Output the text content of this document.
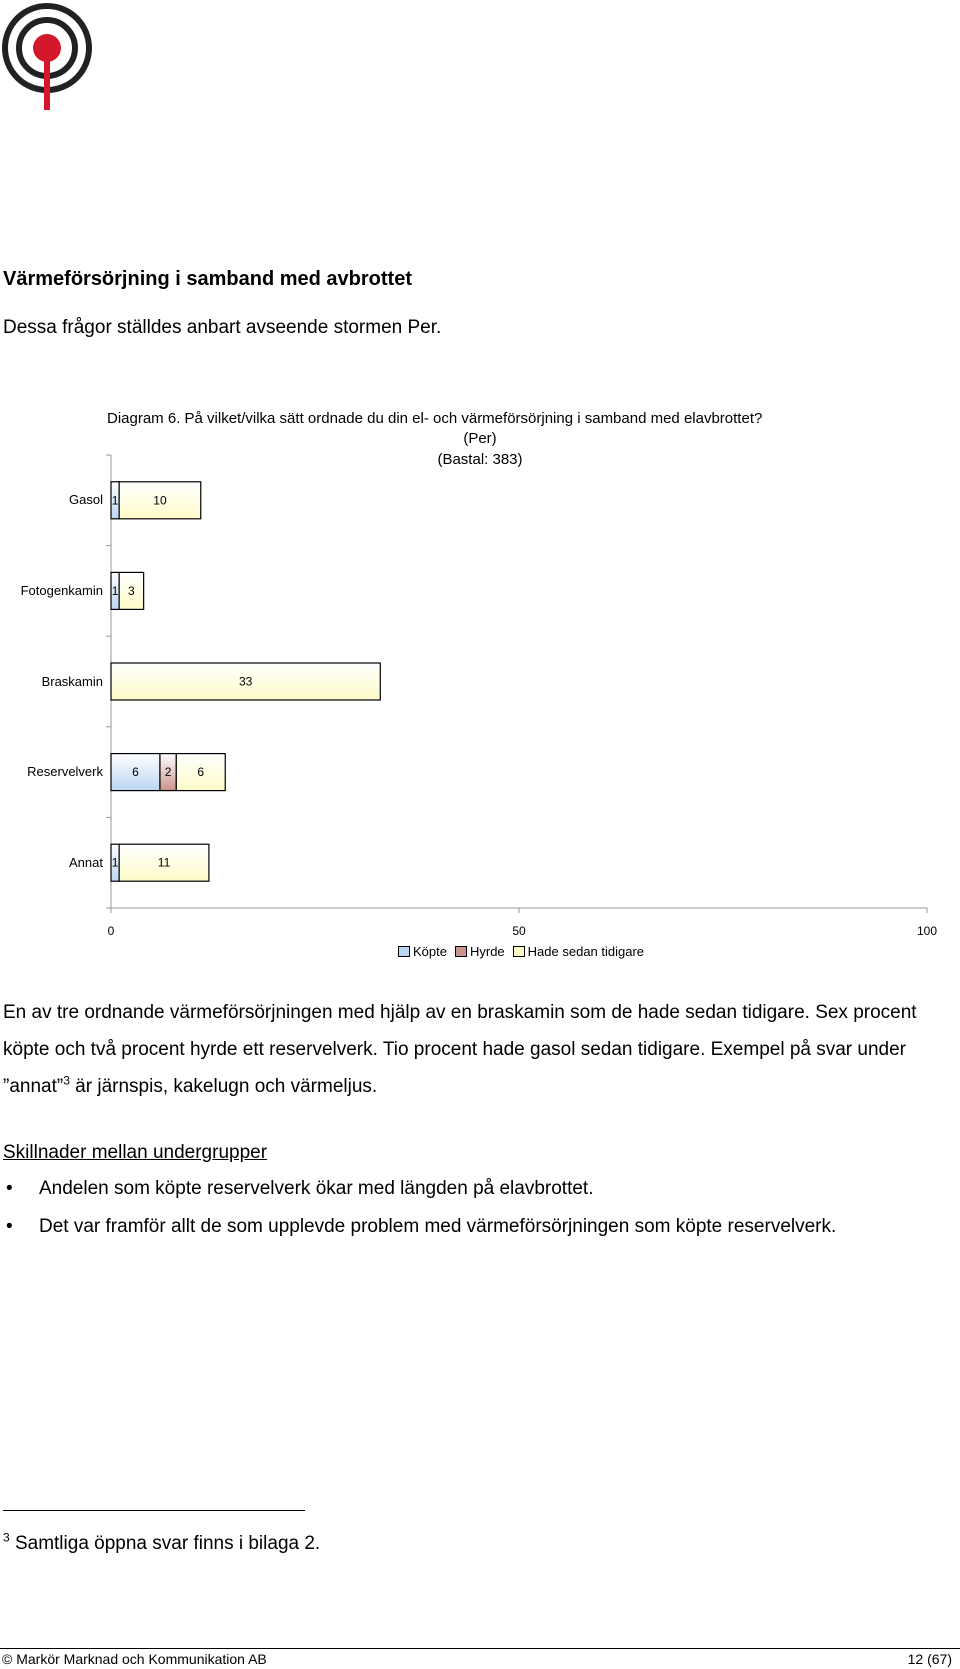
Värmeförsörjning i samband med avbrottet
Dessa frågor ställdes anbart avseende stormen Per.
Diagram 6. På vilket/vilka sätt ordnade du din el- och värmeförsörjning i samband med elavbrottet?
(Per)
(Bastal: 383)
1	10
1 3
33
6 2 6
1	11
Gasol
Fotogenkamin
Braskamin
Reservelverk
Annat
0	50	100
Köpte Hyrde Hade sedan tidigare
En av tre ordnande värmeförsörjningen med hjälp av en braskamin som de hade sedan tidigare. Sex procent köpte och två procent hyrde ett reservelverk. Tio procent hade gasol sedan tidigare. Exempel på svar under ”annat”$^3$ är järnspis, kakelugn och värmeljus.
Skillnader mellan undergrupper
•	Andelen som köpte reservelverk ökar med längden på elavbrottet.
•	Det var framför allt de som upplevde problem med värmeförsörjningen som köpte reservelverk.
$^3$ Samtliga öppna svar finns i bilaga 2.
© Markör Marknad och Kommunikation AB	12 (67)
